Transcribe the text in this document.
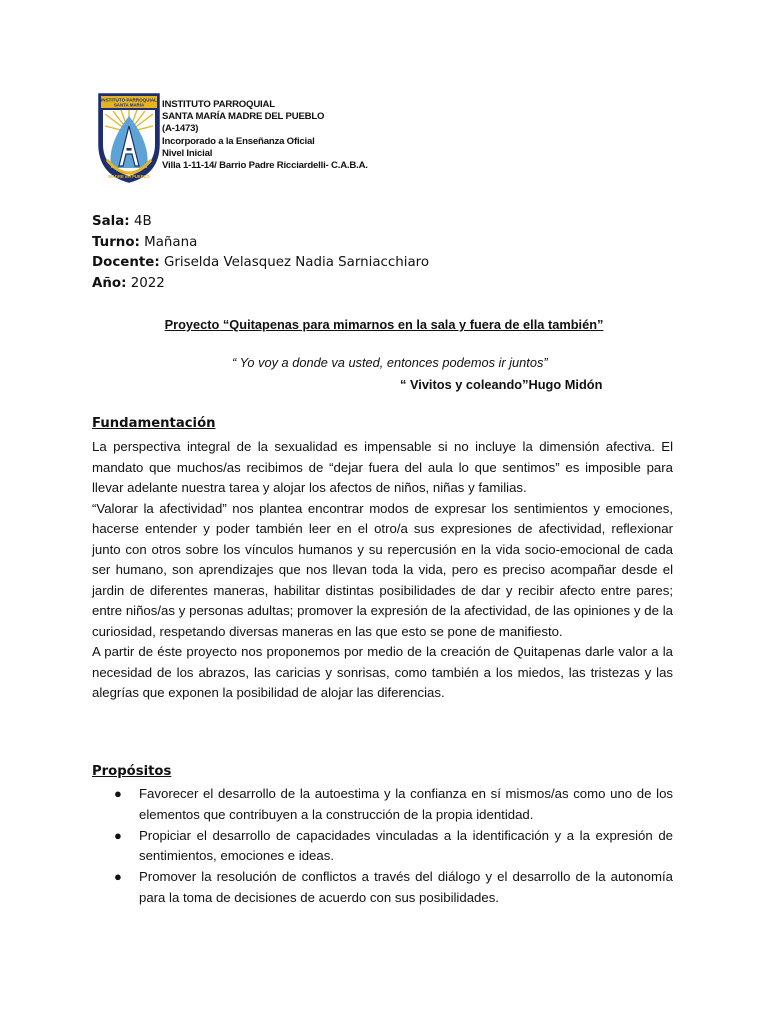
INSTITUTO PARROQUIAL
SANTA MARÍA
MADRE del PUEBLO
INSTITUTO PARROQUIAL
SANTA MARÍA MADRE DEL PUEBLO
(A-1473)
Incorporado a la Enseñanza Oficial
Nivel Inicial
Villa 1-11-14/ Barrio Padre Ricciardelli- C.A.B.A.
Sala: 4B
Turno: Mañana
Docente: Griselda Velasquez Nadia Sarniacchiaro
Año: 2022
Proyecto “Quitapenas para mimarnos en la sala y fuera de ella también”
“ Yo voy a donde va usted, entonces podemos ir juntos”
“ Vivitos y coleando”Hugo Midón
Fundamentación

La perspectiva integral de la sexualidad es impensable si no incluye la dimensión afectiva. El mandato que muchos/as recibimos de “dejar fuera del aula lo que sentimos” es imposible para llevar adelante nuestra tarea y alojar los afectos de niños, niñas y familias.

“Valorar la afectividad” nos plantea encontrar modos de expresar los sentimientos y emociones, hacerse entender y poder también leer en el otro/a sus expresiones de afectividad, reflexionar junto con otros sobre los vínculos humanos y su repercusión en la vida socio-emocional de cada ser humano, son aprendizajes que nos llevan toda la vida, pero es preciso acompañar desde el jardin de diferentes maneras, habilitar distintas posibilidades de dar y recibir afecto entre pares; entre niños/as y personas adultas; promover la expresión de la afectividad, de las opiniones y de la curiosidad, respetando diversas maneras en las que esto se pone de manifiesto.

A partir de éste proyecto nos proponemos por medio de la creación de Quitapenas darle valor a la necesidad de los abrazos, las caricias y sonrisas, como también a los miedos, las tristezas y las alegrías que exponen la posibilidad de alojar las diferencias.

Propósitos
● Favorecer el desarrollo de la autoestima y la confianza en sí mismos/as como uno de los elementos que contribuyen a la construcción de la propia identidad.
● Propiciar el desarrollo de capacidades vinculadas a la identificación y a la expresión de sentimientos, emociones e ideas.
● Promover la resolución de conflictos a través del diálogo y el desarrollo de la autonomía para la toma de decisiones de acuerdo con sus posibilidades.
